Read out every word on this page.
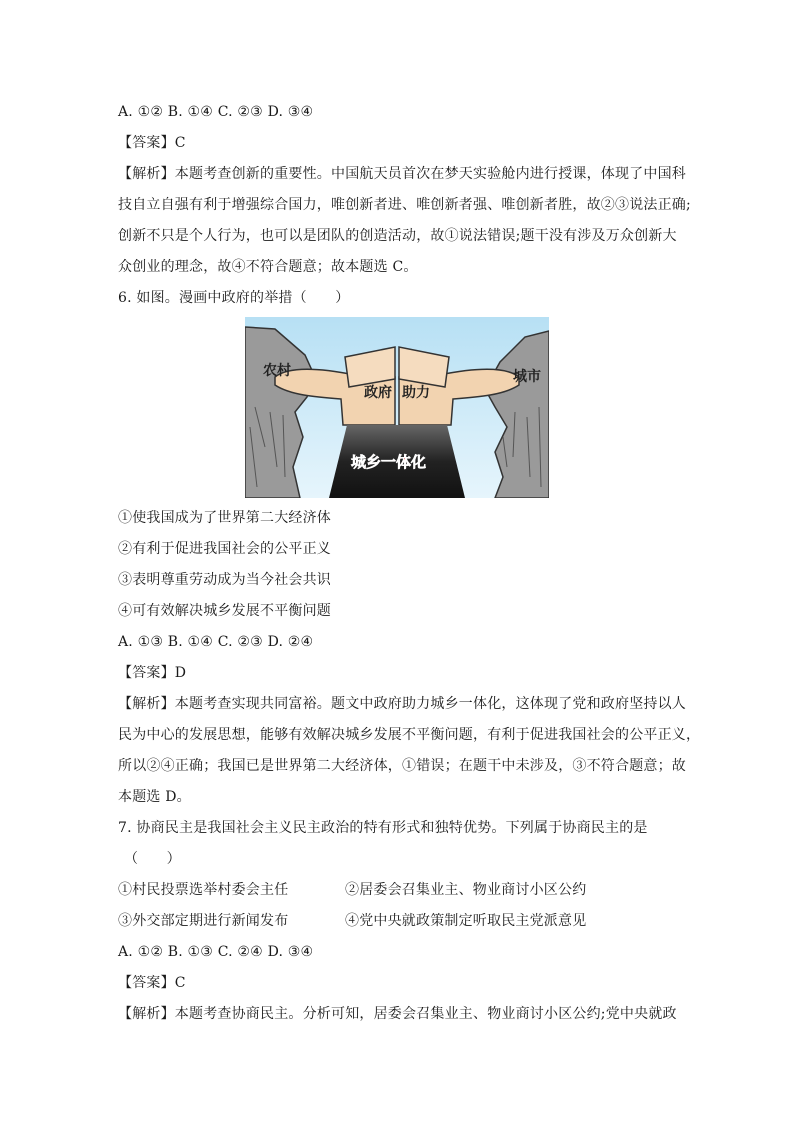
A. ①② B. ①④ C. ②③ D. ③④
【答案】C
【解析】本题考查创新的重要性。中国航天员首次在梦天实验舱内进行授课，体现了中国科
技自立自强有利于增强综合国力，唯创新者进、唯创新者强、唯创新者胜，故②③说法正确;
创新不只是个人行为，也可以是团队的创造活动，故①说法错误;题干没有涉及万众创新大
众创业的理念，故④不符合题意；故本题选 C。
6. 如图。漫画中政府的举措（　　）
农村	城市
政府 助力
城乡一体化
①使我国成为了世界第二大经济体
②有利于促进我国社会的公平正义
③表明尊重劳动成为当今社会共识
④可有效解决城乡发展不平衡问题
A. ①③ B. ①④ C. ②③ D. ②④
【答案】D
【解析】本题考查实现共同富裕。题文中政府助力城乡一体化，这体现了党和政府坚持以人
民为中心的发展思想，能够有效解决城乡发展不平衡问题，有利于促进我国社会的公平正义，
所以②④正确；我国已是世界第二大经济体，①错误；在题干中未涉及，③不符合题意；故
本题选 D。
7. 协商民主是我国社会主义民主政治的特有形式和独特优势。下列属于协商民主的是
（　　）
①村民投票选举村委会主任	②居委会召集业主、物业商讨小区公约
③外交部定期进行新闻发布	④党中央就政策制定听取民主党派意见
A. ①② B. ①③ C. ②④ D. ③④
【答案】C
【解析】本题考查协商民主。分析可知，居委会召集业主、物业商讨小区公约;党中央就政
